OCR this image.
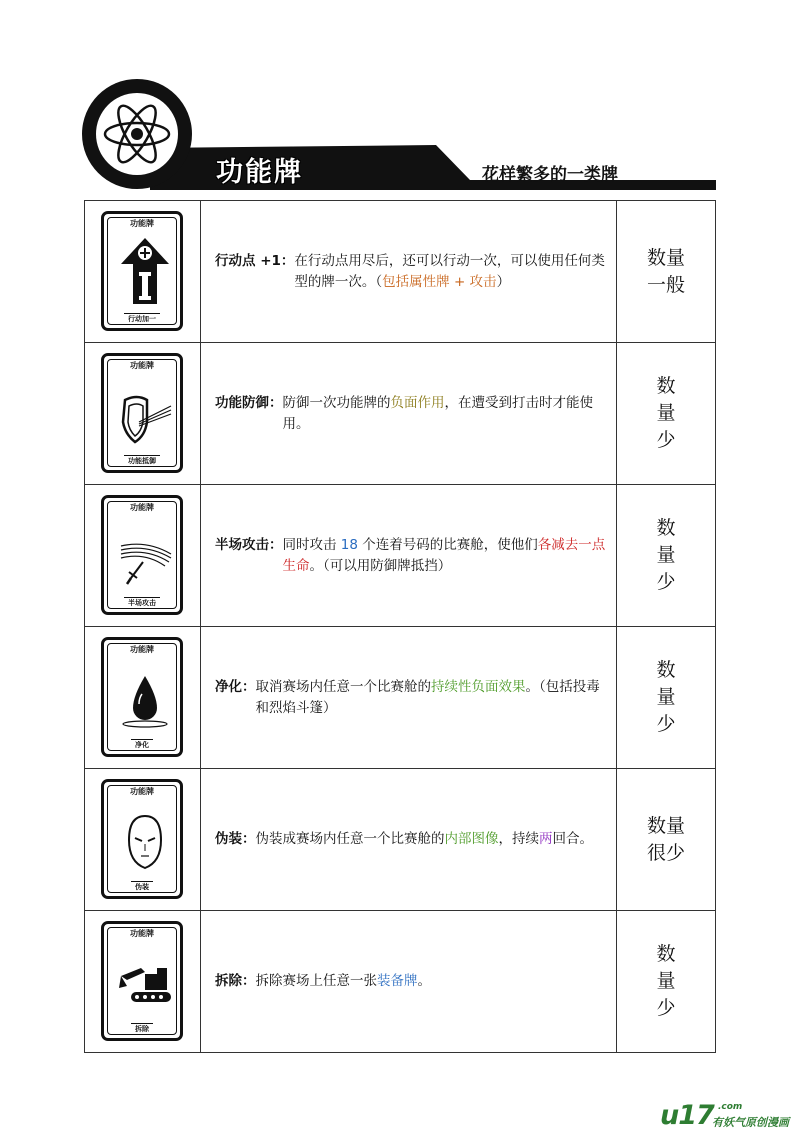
功能牌	花样繁多的一类牌
功能牌
行动加一
行动点 +1： 在行动点用尽后，还可以行动一次，可以使用任何类型的牌一次。（包括属性牌 + 攻击）
数量
一般
功能牌
功能抵御
功能防御： 防御一次功能牌的负面作用，在遭受到打击时才能使用。
数
量
少
功能牌
半场攻击
半场攻击： 同时攻击 18 个连着号码的比赛舱，使他们各减去一点生命。（可以用防御牌抵挡）
数
量
少
功能牌
净化
净化： 取消赛场内任意一个比赛舱的持续性负面效果。（包括投毒和烈焰斗篷）
数
量
少
功能牌
伪装
伪装： 伪装成赛场内任意一个比赛舱的内部图像，持续两回合。
数量
很少
功能牌
拆除
拆除： 拆除赛场上任意一张装备牌。
数
量
少
u17 .com
有妖气原创漫画
